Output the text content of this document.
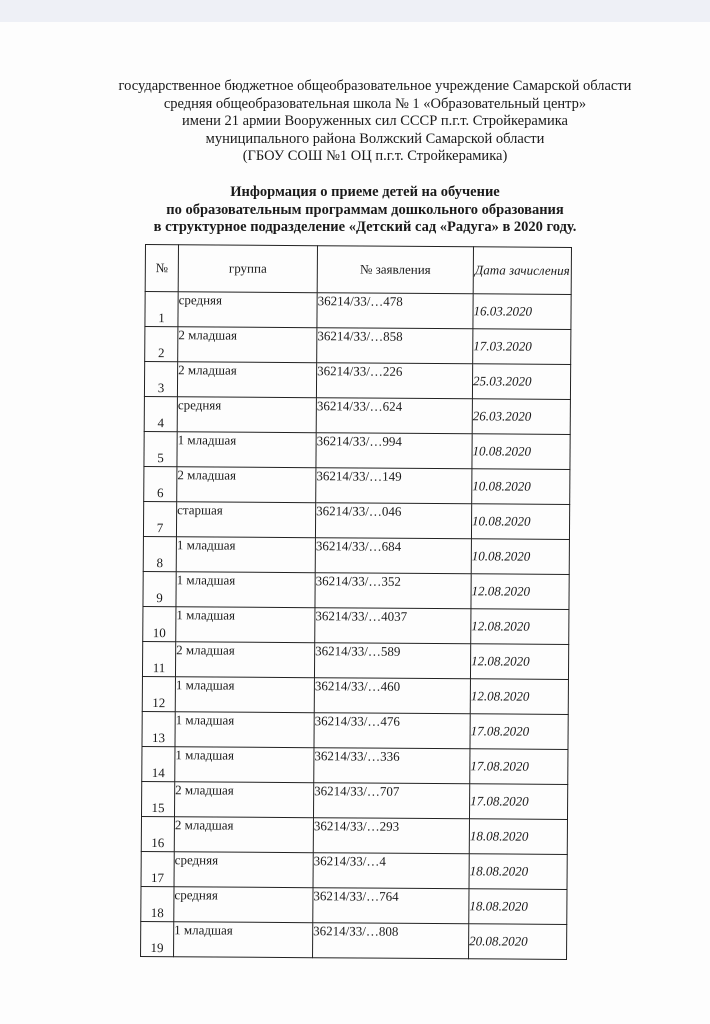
государственное бюджетное общеобразовательное учреждение Самарской области
средняя общеобразовательная школа № 1 «Образовательный центр»
имени 21 армии Вооруженных сил СССР п.г.т. Стройкерамика
муниципального района Волжский Самарской области
(ГБОУ СОШ №1 ОЦ п.г.т. Стройкерамика)
Информация о приеме детей на обучение
по образовательным программам дошкольного образования
в структурное подразделение «Детский сад «Радуга» в 2020 году.
№	группа	№ заявления	Дата зачисления
1	средняя	36214/З3/…478	16.03.2020
2	2 младшая	36214/З3/…858	17.03.2020
3	2 младшая	36214/З3/…226	25.03.2020
4	средняя	36214/З3/…624	26.03.2020
5	1 младшая	36214/З3/…994	10.08.2020
6	2 младшая	36214/З3/…149	10.08.2020
7	старшая	36214/З3/…046	10.08.2020
8	1 младшая	36214/З3/…684	10.08.2020
9	1 младшая	36214/З3/…352	12.08.2020
10	1 младшая	36214/З3/…4037	12.08.2020
11	2 младшая	36214/З3/…589	12.08.2020
12	1 младшая	36214/З3/…460	12.08.2020
13	1 младшая	36214/З3/…476	17.08.2020
14	1 младшая	36214/З3/…336	17.08.2020
15	2 младшая	36214/З3/…707	17.08.2020
16	2 младшая	36214/З3/…293	18.08.2020
17	средняя	36214/З3/…4	18.08.2020
18	средняя	36214/З3/…764	18.08.2020
19	1 младшая	36214/З3/…808	20.08.2020
